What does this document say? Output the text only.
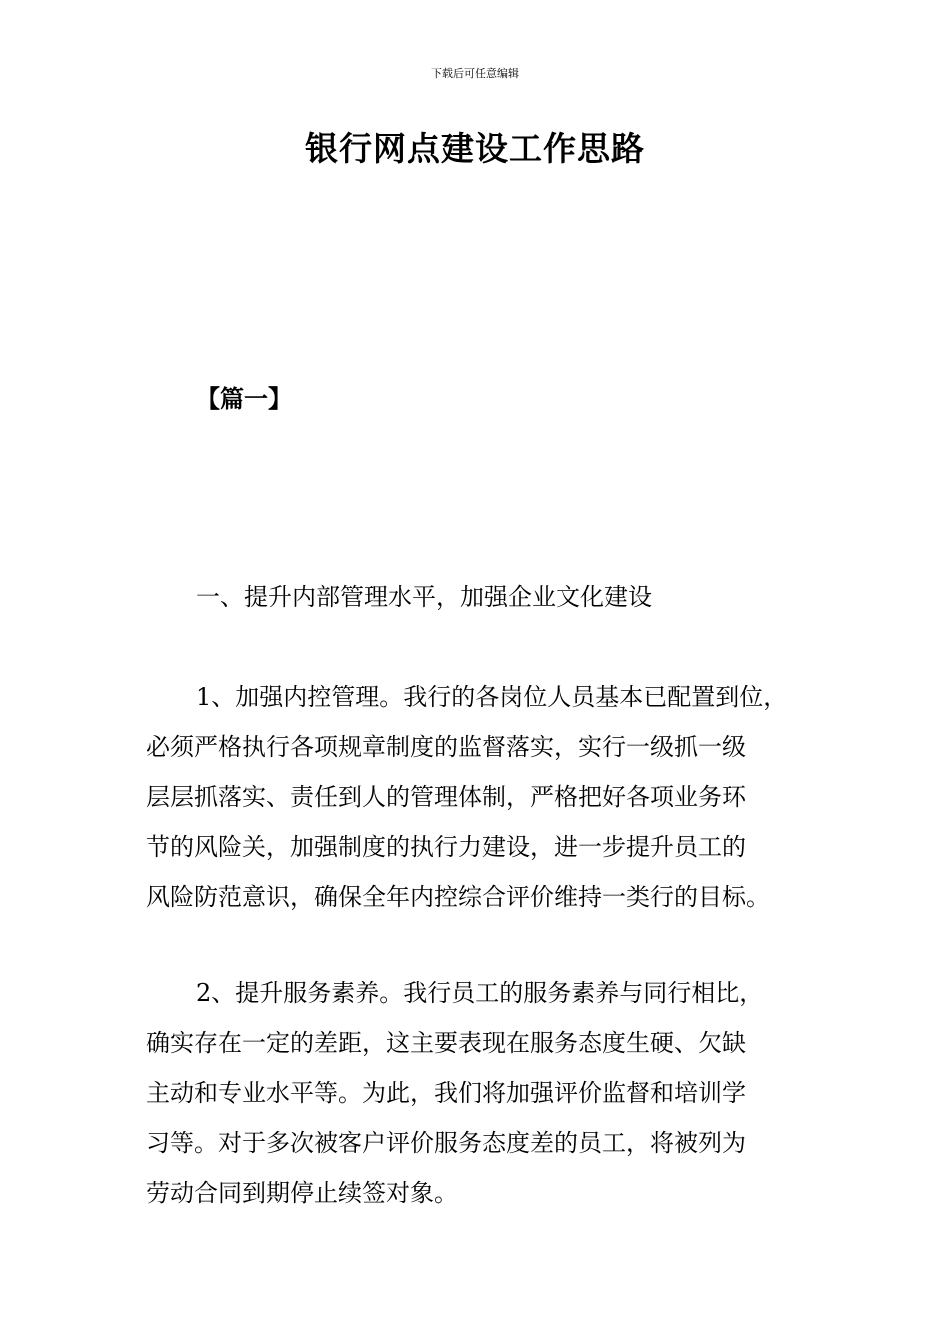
下载后可任意编辑
银行网点建设工作思路
【篇一】
一、提升内部管理水平，加强企业文化建设

1、加强内控管理。我行的各岗位人员基本已配置到位，
必须严格执行各项规章制度的监督落实，实行一级抓一级
层层抓落实、责任到人的管理体制，严格把好各项业务环
节的风险关，加强制度的执行力建设，进一步提升员工的
风险防范意识，确保全年内控综合评价维持一类行的目标。

2、提升服务素养。我行员工的服务素养与同行相比，
确实存在一定的差距，这主要表现在服务态度生硬、欠缺
主动和专业水平等。为此，我们将加强评价监督和培训学
习等。对于多次被客户评价服务态度差的员工，将被列为
劳动合同到期停止续签对象。
